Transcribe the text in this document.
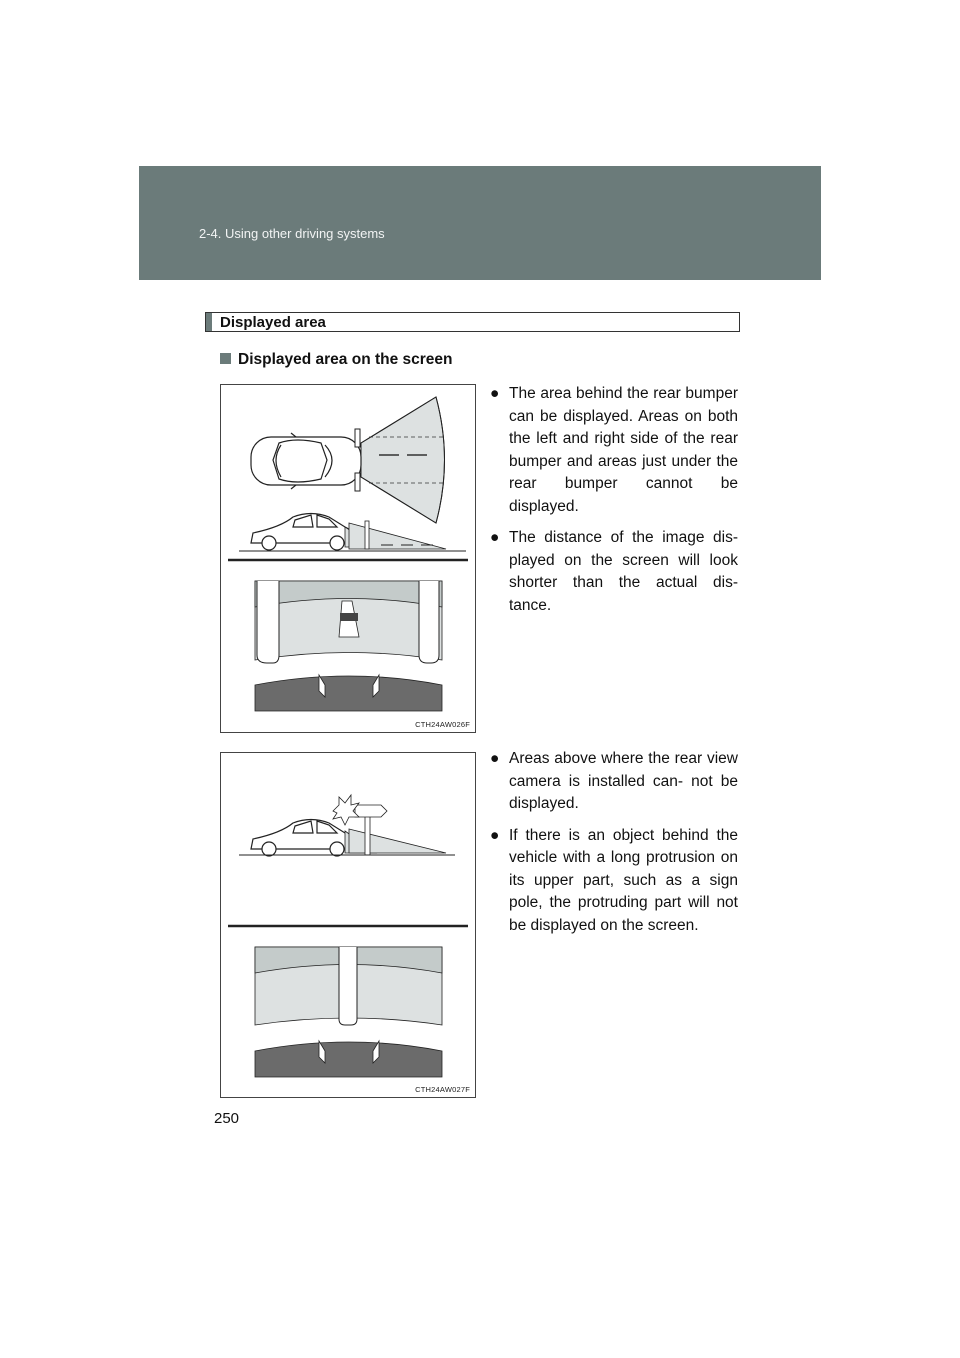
2-4. Using other driving systems
Displayed area
Displayed area on the screen
CTH24AW026F
CTH24AW027F
● The area behind the rear bumper can be displayed. Areas on both the left and right side of the rear bumper and areas just under the rear bumper cannot be displayed.
● The distance of the image dis- played on the screen will look shorter than the actual dis- tance.
● Areas above where the rear view camera is installed can- not be displayed.
● If there is an object behind the vehicle with a long protrusion on its upper part, such as a sign pole, the protruding part will not be displayed on the screen.
250
